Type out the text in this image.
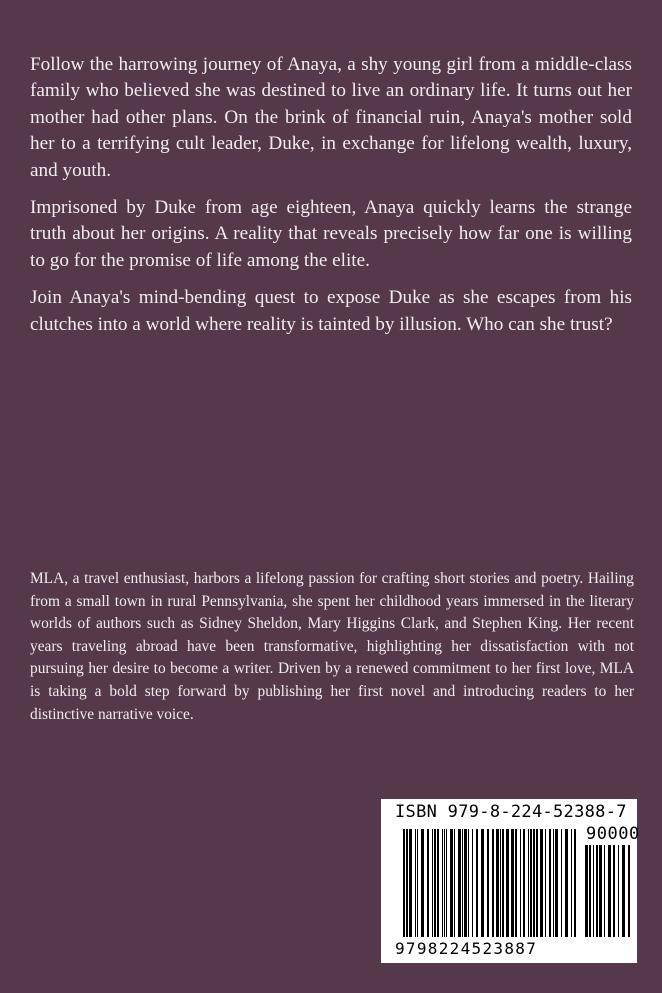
Follow the harrowing journey of Anaya, a shy young girl from a middle-class family who believed she was destined to live an ordinary life. It turns out her mother had other plans. On the brink of financial ruin, Anaya's mother sold her to a terrifying cult leader, Duke, in exchange for lifelong wealth, luxury, and youth.

Imprisoned by Duke from age eighteen, Anaya quickly learns the strange truth about her origins. A reality that reveals precisely how far one is willing to go for the promise of life among the elite.

Join Anaya's mind-bending quest to expose Duke as she escapes from his clutches into a world where reality is tainted by illusion. Who can she trust?

MLA, a travel enthusiast, harbors a lifelong passion for crafting short stories and poetry. Hailing from a small town in rural Pennsylvania, she spent her childhood years immersed in the literary worlds of authors such as Sidney Sheldon, Mary Higgins Clark, and Stephen King. Her recent years traveling abroad have been transformative, highlighting her dissatisfaction with not pursuing her desire to become a writer. Driven by a renewed commitment to her first love, MLA is taking a bold step forward by publishing her first novel and introducing readers to her distinctive narrative voice.

ISBN 979-8-224-52388-7
90000
9798224523887
